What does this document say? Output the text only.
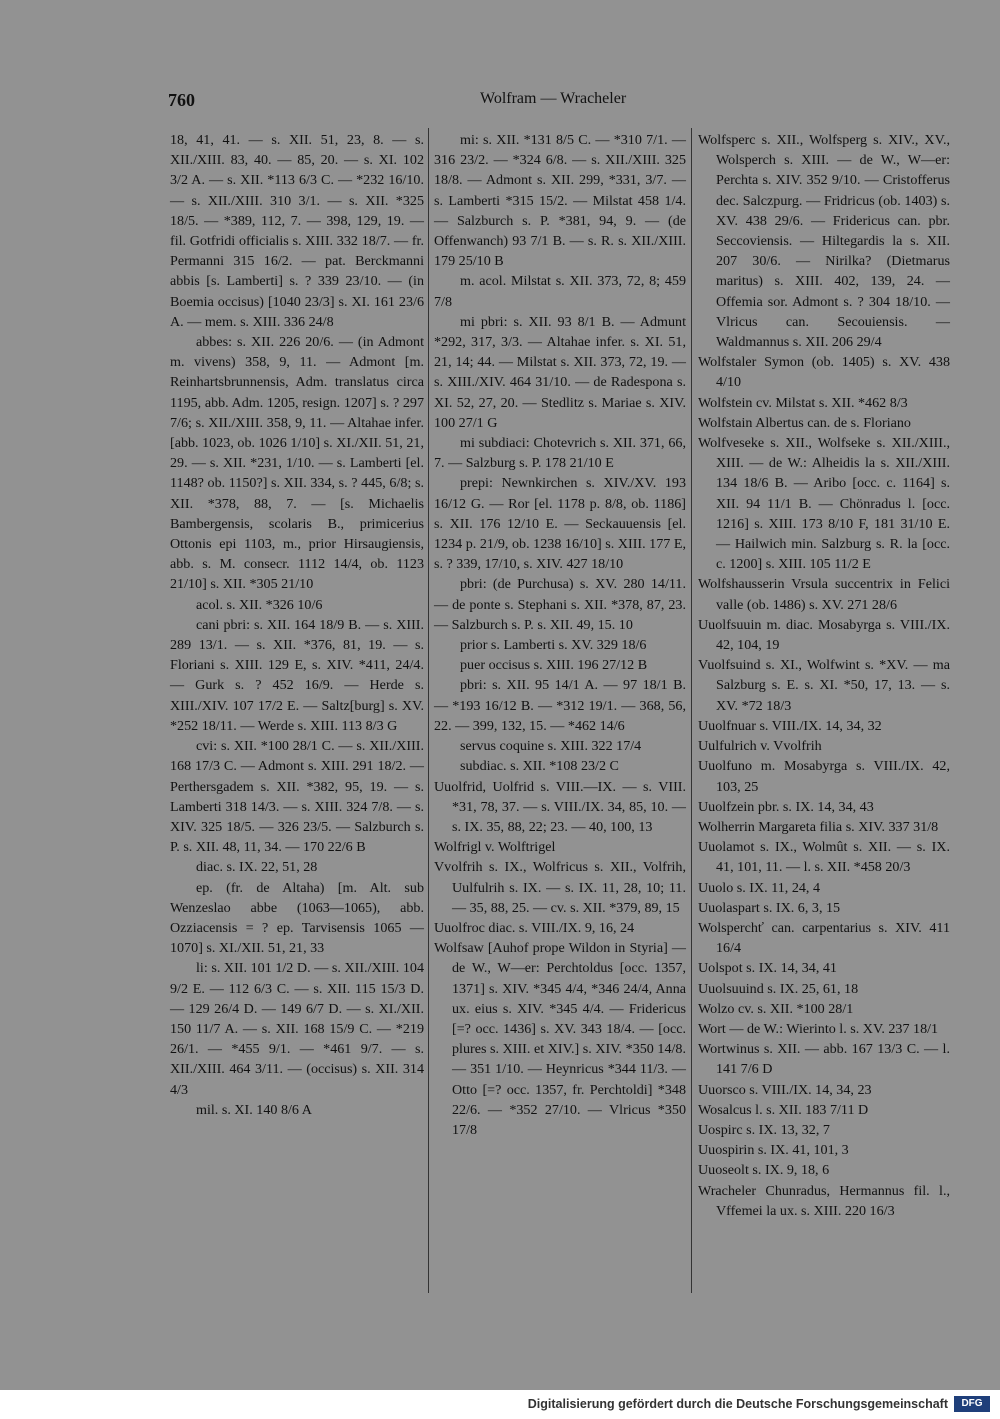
760	Wolfram — Wracheler

18, 41, 41. — s. XII. 51, 23, 8. — s. XII./XIII. 83, 40. — 85, 20. — s. XI. 102 3/2 A. — s. XII. *113 6/3 C. — *232 16/10. — s. XII./XIII. 310 3/1. — s. XII. *325 18/5. — *389, 112, 7. — 398, 129, 19. — fil. Gotfridi officialis s. XIII. 332 18/7. — fr. Permanni 315 16/2. — pat. Berckmanni abbis [s. Lamberti] s. ? 339 23/10. — (in Boemia occisus) [1040 23/3] s. XI. 161 23/6 A. — mem. s. XIII. 336 24/8

abbes: s. XII. 226 20/6. — (in Admont m. vivens) 358, 9, 11. — Admont [m. Reinhartsbrunnensis, Adm. translatus circa 1195, abb. Adm. 1205, resign. 1207] s. ? 297 7/6; s. XII./XIII. 358, 9, 11. — Altahae infer. [abb. 1023, ob. 1026 1/10] s. XI./XII. 51, 21, 29. — s. XII. *231, 1/10. — s. Lamberti [el. 1148? ob. 1150?] s. XII. 334, s. ? 445, 6/8; s. XII. *378, 88, 7. — [s. Michaelis Bambergensis, scolaris B., primicerius Ottonis epi 1103, m., prior Hirsaugiensis, abb. s. M. consecr. 1112 14/4, ob. 1123 21/10] s. XII. *305 21/10

acol. s. XII. *326 10/6

cani pbri: s. XII. 164 18/9 B. — s. XIII. 289 13/1. — s. XII. *376, 81, 19. — s. Floriani s. XIII. 129 E, s. XIV. *411, 24/4. — Gurk s. ? 452 16/9. — Herde s. XIII./XIV. 107 17/2 E. — Saltz[burg] s. XV. *252 18/11. — Werde s. XIII. 113 8/3 G

cvi: s. XII. *100 28/1 C. — s. XII./XIII. 168 17/3 C. — Admont s. XIII. 291 18/2. — Perthersgadem s. XII. *382, 95, 19. — s. Lamberti 318 14/3. — s. XIII. 324 7/8. — s. XIV. 325 18/5. — 326 23/5. — Salzburch s. P. s. XII. 48, 11, 34. — 170 22/6 B

diac. s. IX. 22, 51, 28

ep. (fr. de Altaha) [m. Alt. sub Wenzeslao abbe (1063—1065), abb. Ozziacensis = ? ep. Tarvisensis 1065 —1070] s. XI./XII. 51, 21, 33

li: s. XII. 101 1/2 D. — s. XII./XIII. 104 9/2 E. — 112 6/3 C. — s. XII. 115 15/3 D. — 129 26/4 D. — 149 6/7 D. — s. XI./XII. 150 11/7 A. — s. XII. 168 15/9 C. — *219 26/1. — *455 9/1. — *461 9/7. — s. XII./XIII. 464 3/11. — (occisus) s. XII. 314 4/3

mil. s. XI. 140 8/6 A

mi: s. XII. *131 8/5 C. — *310 7/1. — 316 23/2. — *324 6/8. — s. XII./XIII. 325 18/8. — Admont s. XII. 299, *331, 3/7. — s. Lamberti *315 15/2. — Milstat 458 1/4. — Salzburch s. P. *381, 94, 9. — (de Offenwanch) 93 7/1 B. — s. R. s. XII./XIII. 179 25/10 B

m. acol. Milstat s. XII. 373, 72, 8; 459 7/8

mi pbri: s. XII. 93 8/1 B. — Admunt *292, 317, 3/3. — Altahae infer. s. XI. 51, 21, 14; 44. — Milstat s. XII. 373, 72, 19. — s. XIII./XIV. 464 31/10. — de Radespona s. XI. 52, 27, 20. — Stedlitz s. Mariae s. XIV. 100 27/1 G

mi subdiaci: Chotevrich s. XII. 371, 66, 7. — Salzburg s. P. 178 21/10 E

prepi: Newnkirchen s. XIV./XV. 193 16/12 G. — Ror [el. 1178 p. 8/8, ob. 1186] s. XII. 176 12/10 E. — Seckauuensis [el. 1234 p. 21/9, ob. 1238 16/10] s. XIII. 177 E, s. ? 339, 17/10, s. XIV. 427 18/10

pbri: (de Purchusa) s. XV. 280 14/11. — de ponte s. Stephani s. XII. *378, 87, 23. — Salzburch s. P. s. XII. 49, 15. 10

prior s. Lamberti s. XV. 329 18/6

puer occisus s. XIII. 196 27/12 B

pbri: s. XII. 95 14/1 A. — 97 18/1 B. — *193 16/12 B. — *312 19/1. — 368, 56, 22. — 399, 132, 15. — *462 14/6

servus coquine s. XIII. 322 17/4

subdiac. s. XII. *108 23/2 C

Uuolfrid, Uolfrid s. VIII.—IX. — s. VIII. *31, 78, 37. — s. VIII./IX. 34, 85, 10. — s. IX. 35, 88, 22; 23. — 40, 100, 13

Wolfrigl v. Wolftrigel

Vvolfrih s. IX., Wolfricus s. XII., Volfrih, Uulfulrih s. IX. — s. IX. 11, 28, 10; 11. — 35, 88, 25. — cv. s. XII. *379, 89, 15

Uuolfroc diac. s. VIII./IX. 9, 16, 24

Wolfsaw [Auhof prope Wildon in Styria] — de W., W—er: Perchtoldus [occ. 1357, 1371] s. XIV. *345 4/4, *346 24/4, Anna ux. eius s. XIV. *345 4/4. — Fridericus [=? occ. 1436] s. XV. 343 18/4. — [occ. plures s. XIII. et XIV.] s. XIV. *350 14/8. — 351 1/10. — Heynricus *344 11/3. — Otto [=? occ. 1357, fr. Perchtoldi] *348 22/6. — *352 27/10. — Vlricus *350 17/8

Wolfsperc s. XII., Wolfsperg s. XIV., XV., Wolsperch s. XIII. — de W., W—er: Perchta s. XIV. 352 9/10. — Cristofferus dec. Salczpurg. — Fridricus (ob. 1403) s. XV. 438 29/6. — Fridericus can. pbr. Seccoviensis. — Hiltegardis la s. XII. 207 30/6. — Nirilka? (Dietmarus maritus) s. XIII. 402, 139, 24. — Offemia sor. Admont s. ? 304 18/10. — Vlricus can. Secouiensis. — Waldmannus s. XII. 206 29/4

Wolfstaler Symon (ob. 1405) s. XV. 438 4/10

Wolfstein cv. Milstat s. XII. *462 8/3

Wolfstain Albertus can. de s. Floriano

Wolfveseke s. XII., Wolfseke s. XII./XIII., XIII. — de W.: Alheidis la s. XII./XIII. 134 18/6 B. — Aribo [occ. c. 1164] s. XII. 94 11/1 B. — Chönradus l. [occ. 1216] s. XIII. 173 8/10 F, 181 31/10 E. — Hailwich min. Salzburg s. R. la [occ. c. 1200] s. XIII. 105 11/2 E

Wolfshausserin Vrsula succentrix in Felici valle (ob. 1486) s. XV. 271 28/6

Uuolfsuuin m. diac. Mosabyrga s. VIII./IX. 42, 104, 19

Vuolfsuind s. XI., Wolfwint s. *XV. — ma Salzburg s. E. s. XI. *50, 17, 13. — s. XV. *72 18/3

Uuolfnuar s. VIII./IX. 14, 34, 32

Uulfulrich v. Vvolfrih

Uuolfuno m. Mosabyrga s. VIII./IX. 42, 103, 25

Uuolfzein pbr. s. IX. 14, 34, 43

Wolherrin Margareta filia s. XIV. 337 31/8

Uuolamot s. IX., Wolmût s. XII. — s. IX. 41, 101, 11. — l. s. XII. *458 20/3

Uuolo s. IX. 11, 24, 4

Uuolaspart s. IX. 6, 3, 15

Wolsperchť can. carpentarius s. XIV. 411 16/4

Uolspot s. IX. 14, 34, 41

Uuolsuuind s. IX. 25, 61, 18

Wolzo cv. s. XII. *100 28/1

Wort — de W.: Wierinto l. s. XV. 237 18/1

Wortwinus s. XII. — abb. 167 13/3 C. — l. 141 7/6 D

Uuorsco s. VIII./IX. 14, 34, 23

Wosalcus l. s. XII. 183 7/11 D

Uospirc s. IX. 13, 32, 7

Uuospirin s. IX. 41, 101, 3

Uuoseolt s. IX. 9, 18, 6

Wracheler Chunradus, Hermannus fil. l., Vffemei la ux. s. XIII. 220 16/3

Digitalisierung gefördert durch die Deutsche Forschungsgemeinschaft	DFG
